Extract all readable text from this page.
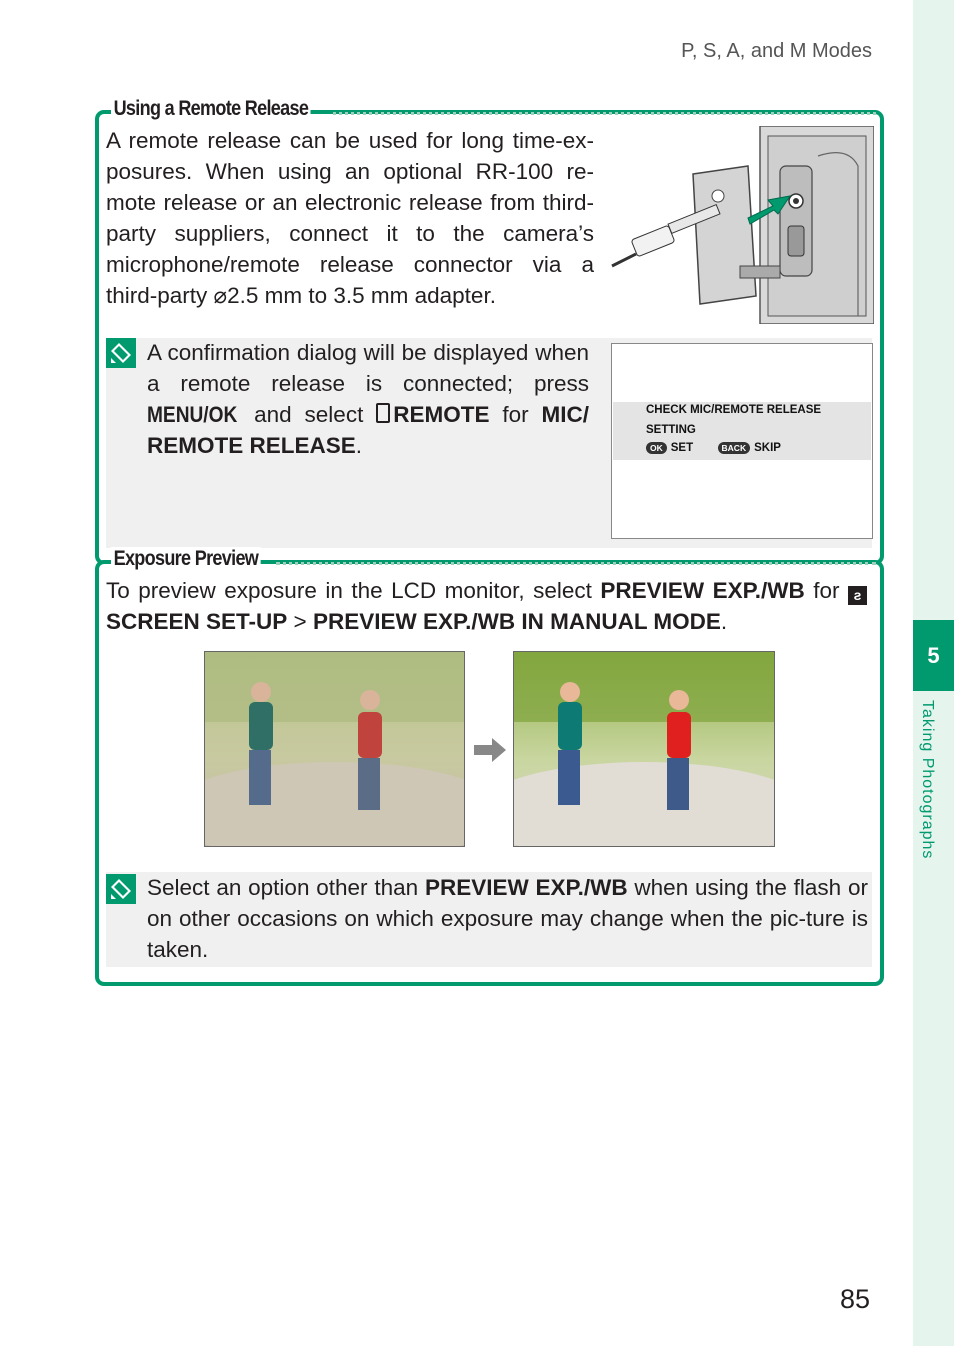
5
Taking Photographs
P, S, A, and M Modes
85
Using a Remote Release

A remote release can be used for long time-ex-posures. When using an optional RR-100 re-mote release or an electronic release from third-party suppliers, connect it to the camera’s microphone/remote release connector via a third-party ⌀2.5 mm to 3.5 mm adapter.

A confirmation dialog will be displayed when a remote release is connected; press MENU/OK and select REMOTE for MIC/ REMOTE RELEASE.

CHECK MIC/REMOTE RELEASE
SETTING
OK SET	BACK SKIP
Exposure Preview

To preview exposure in the LCD monitor, select PREVIEW EXP./WB for ƨSCREEN SET-UP > PREVIEW EXP./WB IN MANUAL MODE.

Select an option other than PREVIEW EXP./WB when using the flash or on other occasions on which exposure may change when the pic-ture is taken.
